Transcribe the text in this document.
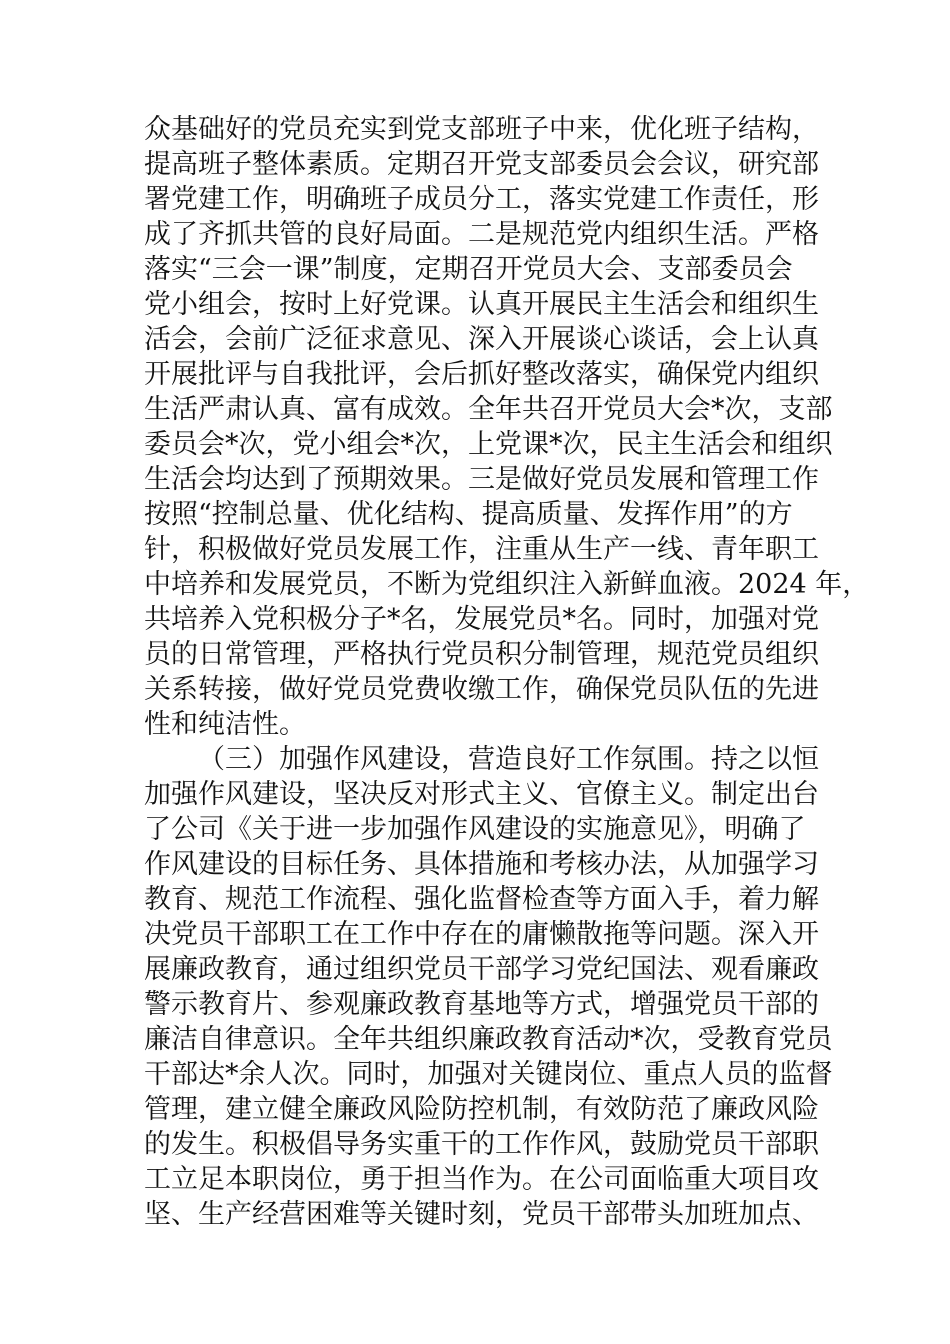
众基础好的党员充实到党支部班子中来，优化班子结构，
提高班子整体素质。定期召开党支部委员会会议，研究部
署党建工作，明确班子成员分工，落实党建工作责任，形
成了齐抓共管的良好局面。二是规范党内组织生活。严格
落实“三会一课”制度，定期召开党员大会、支部委员会
党小组会，按时上好党课。认真开展民主生活会和组织生
活会，会前广泛征求意见、深入开展谈心谈话，会上认真
开展批评与自我批评，会后抓好整改落实，确保党内组织
生活严肃认真、富有成效。全年共召开党员大会*次，支部
委员会*次，党小组会*次，上党课*次，民主生活会和组织
生活会均达到了预期效果。三是做好党员发展和管理工作
按照“控制总量、优化结构、提高质量、发挥作用”的方
针，积极做好党员发展工作，注重从生产一线、青年职工
中培养和发展党员，不断为党组织注入新鲜血液。2024 年，
共培养入党积极分子*名，发展党员*名。同时，加强对党
员的日常管理，严格执行党员积分制管理，规范党员组织
关系转接，做好党员党费收缴工作，确保党员队伍的先进
性和纯洁性。
（三）加强作风建设，营造良好工作氛围。持之以恒
加强作风建设，坚决反对形式主义、官僚主义。制定出台
了公司《关于进一步加强作风建设的实施意见》，明确了
作风建设的目标任务、具体措施和考核办法，从加强学习
教育、规范工作流程、强化监督检查等方面入手，着力解
决党员干部职工在工作中存在的庸懒散拖等问题。深入开
展廉政教育，通过组织党员干部学习党纪国法、观看廉政
警示教育片、参观廉政教育基地等方式，增强党员干部的
廉洁自律意识。全年共组织廉政教育活动*次，受教育党员
干部达*余人次。同时，加强对关键岗位、重点人员的监督
管理，建立健全廉政风险防控机制，有效防范了廉政风险
的发生。积极倡导务实重干的工作作风，鼓励党员干部职
工立足本职岗位，勇于担当作为。在公司面临重大项目攻
坚、生产经营困难等关键时刻，党员干部带头加班加点、
